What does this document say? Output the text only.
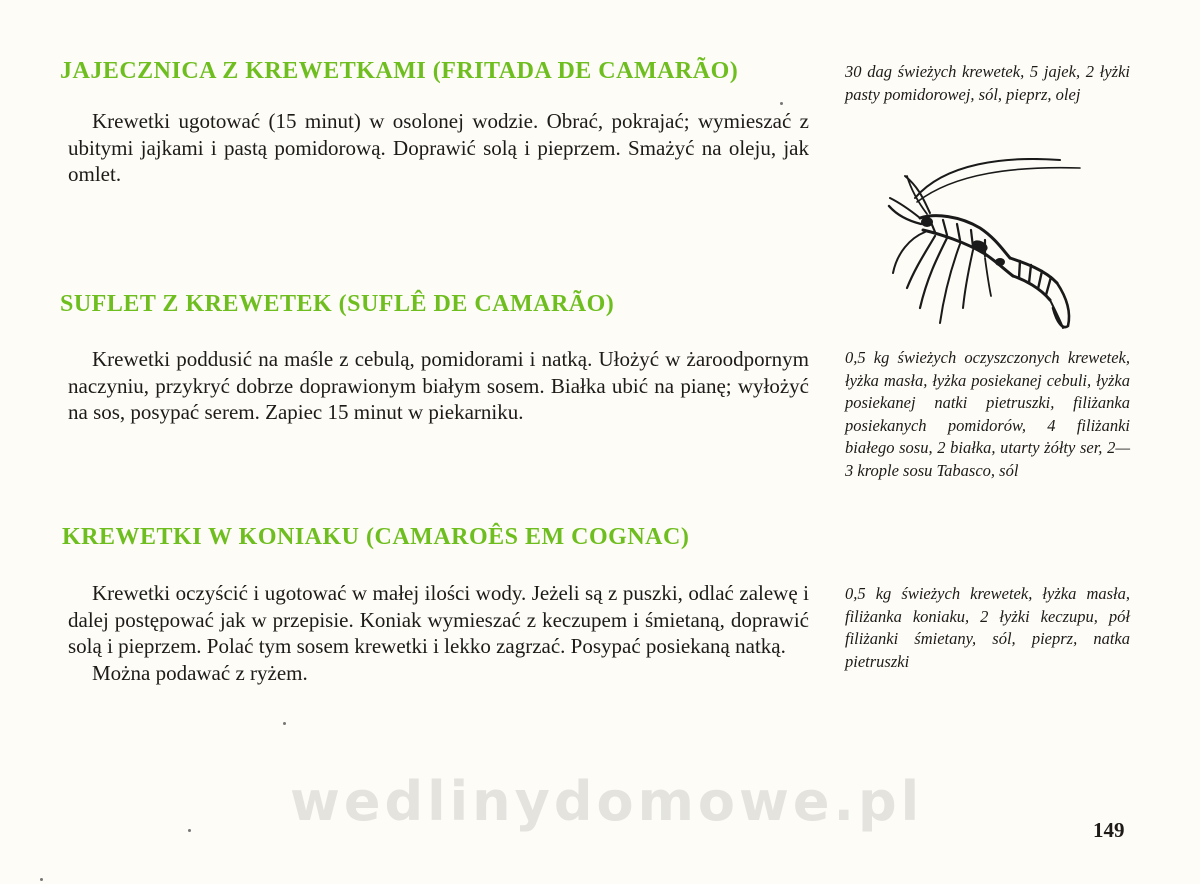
JAJECZNICA Z KREWETKAMI (FRITADA DE CAMARÃO)

Krewetki ugotować (15 minut) w osolonej wodzie. Obrać, pokrajać; wymieszać z ubitymi jajkami i pastą pomidorową. Doprawić solą i pieprzem. Smażyć na oleju, jak omlet.

30 dag świeżych krewetek, 5 jajek, 2 łyżki pasty pomidorowej, sól, pieprz, olej

SUFLET Z KREWETEK (SUFLÊ DE CAMARÃO)

Krewetki poddusić na maśle z cebulą, pomidorami i natką. Ułożyć w żaroodpornym naczyniu, przykryć dobrze doprawionym białym sosem. Białka ubić na pianę; wyłożyć na sos, posypać serem. Zapiec 15 minut w piekarniku.

0,5 kg świeżych oczyszczonych krewetek, łyżka masła, łyżka posiekanej cebuli, łyżka posiekanej natki pietruszki, filiżanka posiekanych pomidorów, 4 filiżanki białego sosu, 2 białka, utarty żółty ser, 2—3 krople sosu Tabasco, sól

KREWETKI W KONIAKU (CAMAROÊS EM COGNAC)

Krewetki oczyścić i ugotować w małej ilości wody. Jeżeli są z puszki, odlać zalewę i dalej postępować jak w przepisie. Koniak wymieszać z keczupem i śmietaną, doprawić solą i pieprzem. Polać tym sosem krewetki i lekko zagrzać. Posypać posiekaną natką.

Można podawać z ryżem.

0,5 kg świeżych krewetek, łyżka masła, filiżanka koniaku, 2 łyżki keczupu, pół filiżanki śmietany, sól, pieprz, natka pietruszki

wedlinydomowe.pl	149
